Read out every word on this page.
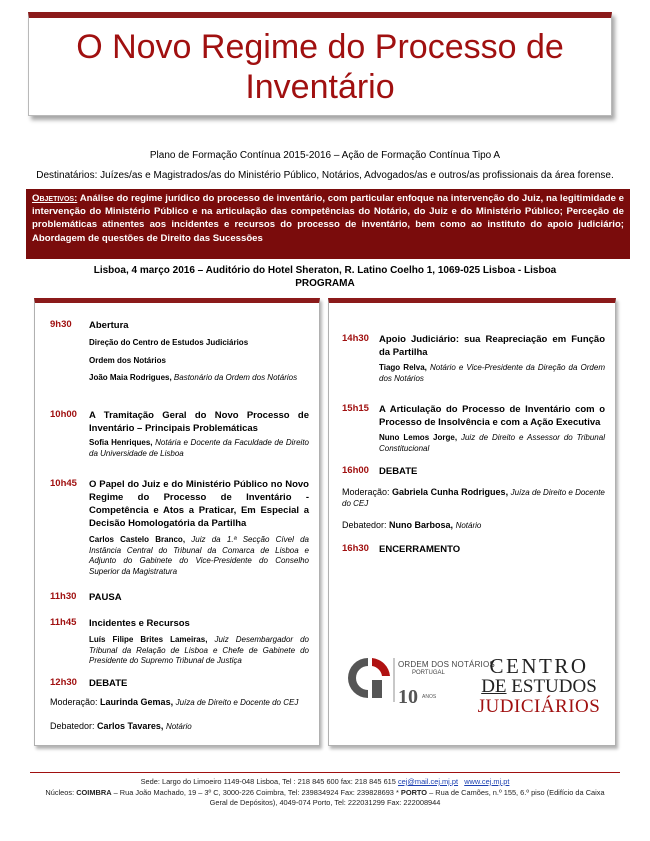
O Novo Regime do Processo de Inventário
Plano de Formação Contínua 2015-2016 – Ação de Formação Contínua Tipo A
Destinatários: Juízes/as e Magistrados/as do Ministério Público, Notários, Advogados/as e outros/as profissionais da área forense.
Objetivos: Análise do regime jurídico do processo de inventário, com particular enfoque na intervenção do Juiz, na legitimidade e intervenção do Ministério Público e na articulação das competências do Notário, do Juiz e do Ministério Público; Perceção de problemáticas atinentes aos incidentes e recursos do processo de inventário, bem como ao instituto do apoio judiciário; Abordagem de questões de Direito das Sucessões
Lisboa, 4 março 2016 – Auditório do Hotel Sheraton, R. Latino Coelho 1, 1069-025 Lisboa - Lisboa
PROGRAMA
9h30 Abertura
Direção do Centro de Estudos Judiciários
Ordem dos Notários
João Maia Rodrigues, Bastonário da Ordem dos Notários
10h00 A Tramitação Geral do Novo Processo de Inventário – Principais Problemáticas
Sofia Henriques, Notária e Docente da Faculdade de Direito da Universidade de Lisboa
10h45 O Papel do Juiz e do Ministério Público no Novo Regime do Processo de Inventário - Competência e Atos a Praticar, Em Especial a Decisão Homologatória da Partilha
Carlos Castelo Branco, Juiz da 1.ª Secção Cível da Instância Central do Tribunal da Comarca de Lisboa e Adjunto do Gabinete do Vice-Presidente do Conselho Superior da Magistratura
11h30 PAUSA
11h45 Incidentes e Recursos
Luís Filipe Brites Lameiras, Juiz Desembargador do Tribunal da Relação de Lisboa e Chefe de Gabinete do Presidente do Supremo Tribunal de Justiça
12h30 DEBATE
Moderação: Laurinda Gemas, Juíza de Direito e Docente do CEJ
Debatedor: Carlos Tavares, Notário
14h30 Apoio Judiciário: sua Reapreciação em Função da Partilha
Tiago Relva, Notário e Vice-Presidente da Direção da Ordem dos Notários
15h15 A Articulação do Processo de Inventário com o Processo de Insolvência e com a Ação Executiva
Nuno Lemos Jorge, Juiz de Direito e Assessor do Tribunal Constitucional
16h00 DEBATE
Moderação: Gabriela Cunha Rodrigues, Juíza de Direito e Docente do CEJ
Debatedor: Nuno Barbosa, Notário
16h30 ENCERRAMENTO
ORDEM DOS NOTÁRIOS
PORTUGAL
10 ANOS
CENTRO
DE ESTUDOS
JUDICIÁRIOS
Sede: Largo do Limoeiro 1149-048 Lisboa, Tel : 218 845 600 fax: 218 845 615 cej@mail.cej.mj.pt www.cej.mj.pt
Núcleos: COIMBRA – Rua João Machado, 19 – 3º C, 3000-226 Coimbra, Tel: 239834924 Fax: 239828693 * PORTO – Rua de Camões, n.º 155, 6.º piso (Edifício da Caixa
Geral de Depósitos), 4049-074 Porto, Tel: 222031299 Fax: 222008944
